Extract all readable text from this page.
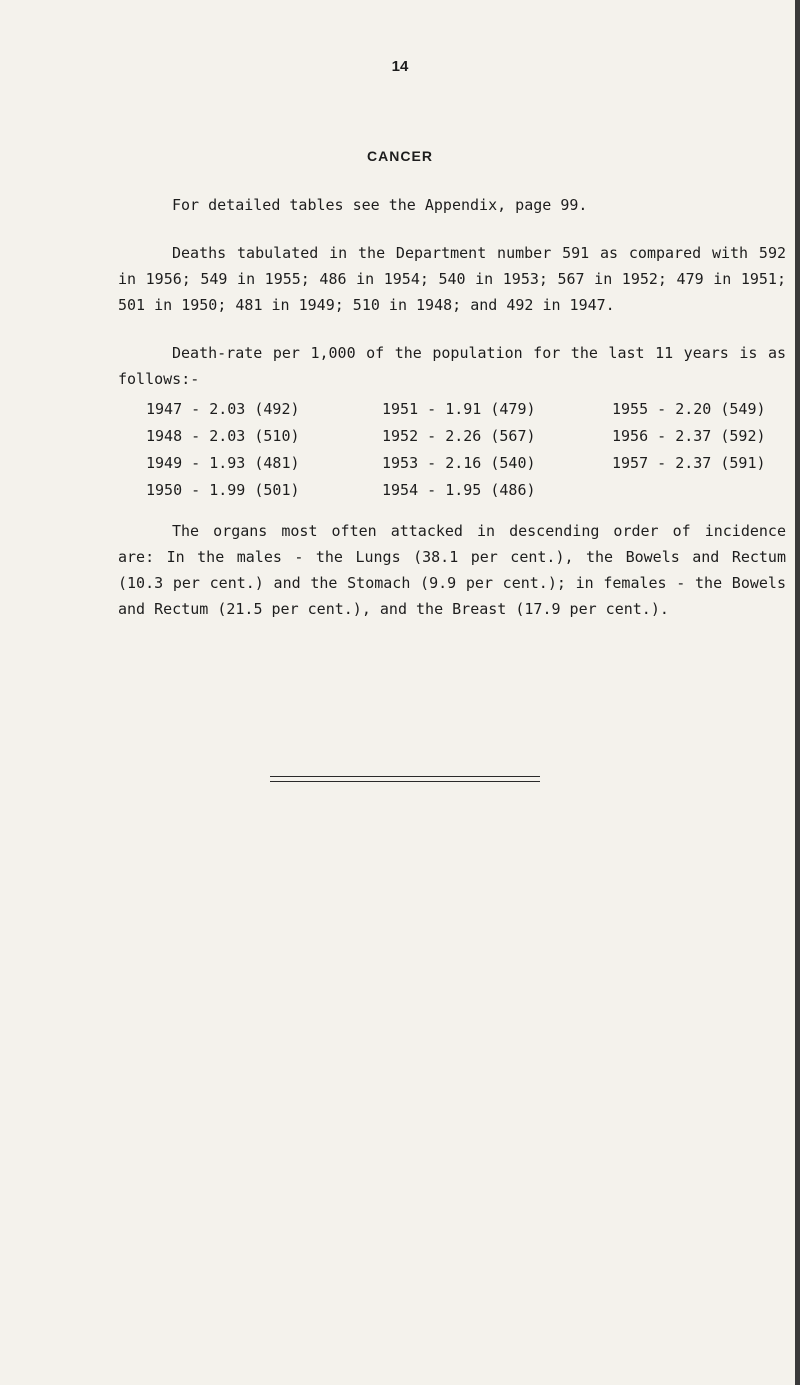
14
CANCER
For detailed tables see the Appendix, page 99.
Deaths tabulated in the Department number 591 as compared with 592 in 1956; 549 in 1955; 486 in 1954; 540 in 1953; 567 in 1952; 479 in 1951; 501 in 1950; 481 in 1949; 510 in 1948; and 492 in 1947.
Death-rate per 1,000 of the population for the last 11 years is as follows:-
1947 - 2.03 (492)	1951 - 1.91 (479)	1955 - 2.20 (549)
1948 - 2.03 (510)	1952 - 2.26 (567)	1956 - 2.37 (592)
1949 - 1.93 (481)	1953 - 2.16 (540)	1957 - 2.37 (591)
1950 - 1.99 (501)	1954 - 1.95 (486)
The organs most often attacked in descending order of incidence are: In the males - the Lungs (38.1 per cent.), the Bowels and Rectum (10.3 per cent.) and the Stomach (9.9 per cent.); in females - the Bowels and Rectum (21.5 per cent.), and the Breast (17.9 per cent.).
